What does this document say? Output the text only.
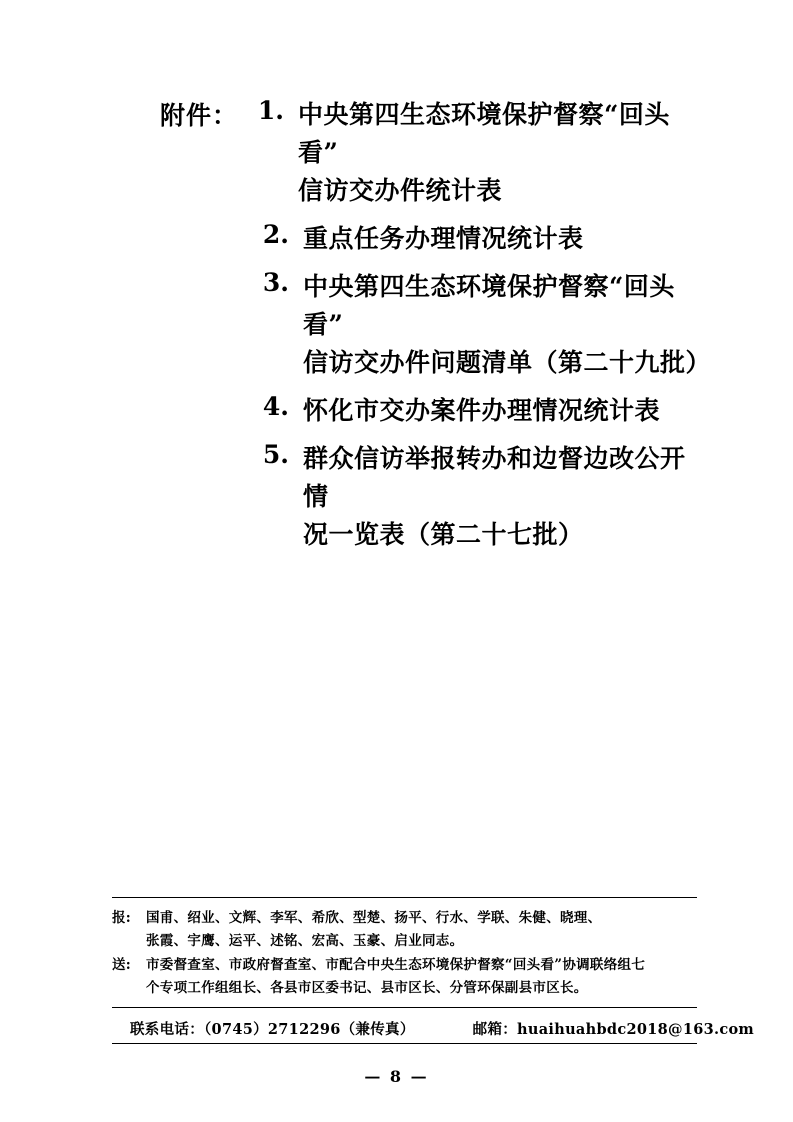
附件： 1. 中央第四生态环境保护督察“回头看”
信访交办件统计表
2. 重点任务办理情况统计表
3. 中央第四生态环境保护督察“回头看”
信访交办件问题清单（第二十九批）
4. 怀化市交办案件办理情况统计表
5. 群众信访举报转办和边督边改公开情
况一览表（第二十七批）
报:	国甫、绍业、文辉、李军、希欣、型楚、扬平、行水、学联、朱健、晓理、
张霞、宇鹰、运平、述铭、宏高、玉豪、启业同志。
送:	市委督查室、市政府督查室、市配合中央生态环境保护督察“回头看”协调联络组七
个专项工作组组长、各县市区委书记、县市区长、分管环保副县市区长。
联系电话：（0745）2712296（兼传真）	邮箱：huaihuahbdc2018@163.com
— 8 —
